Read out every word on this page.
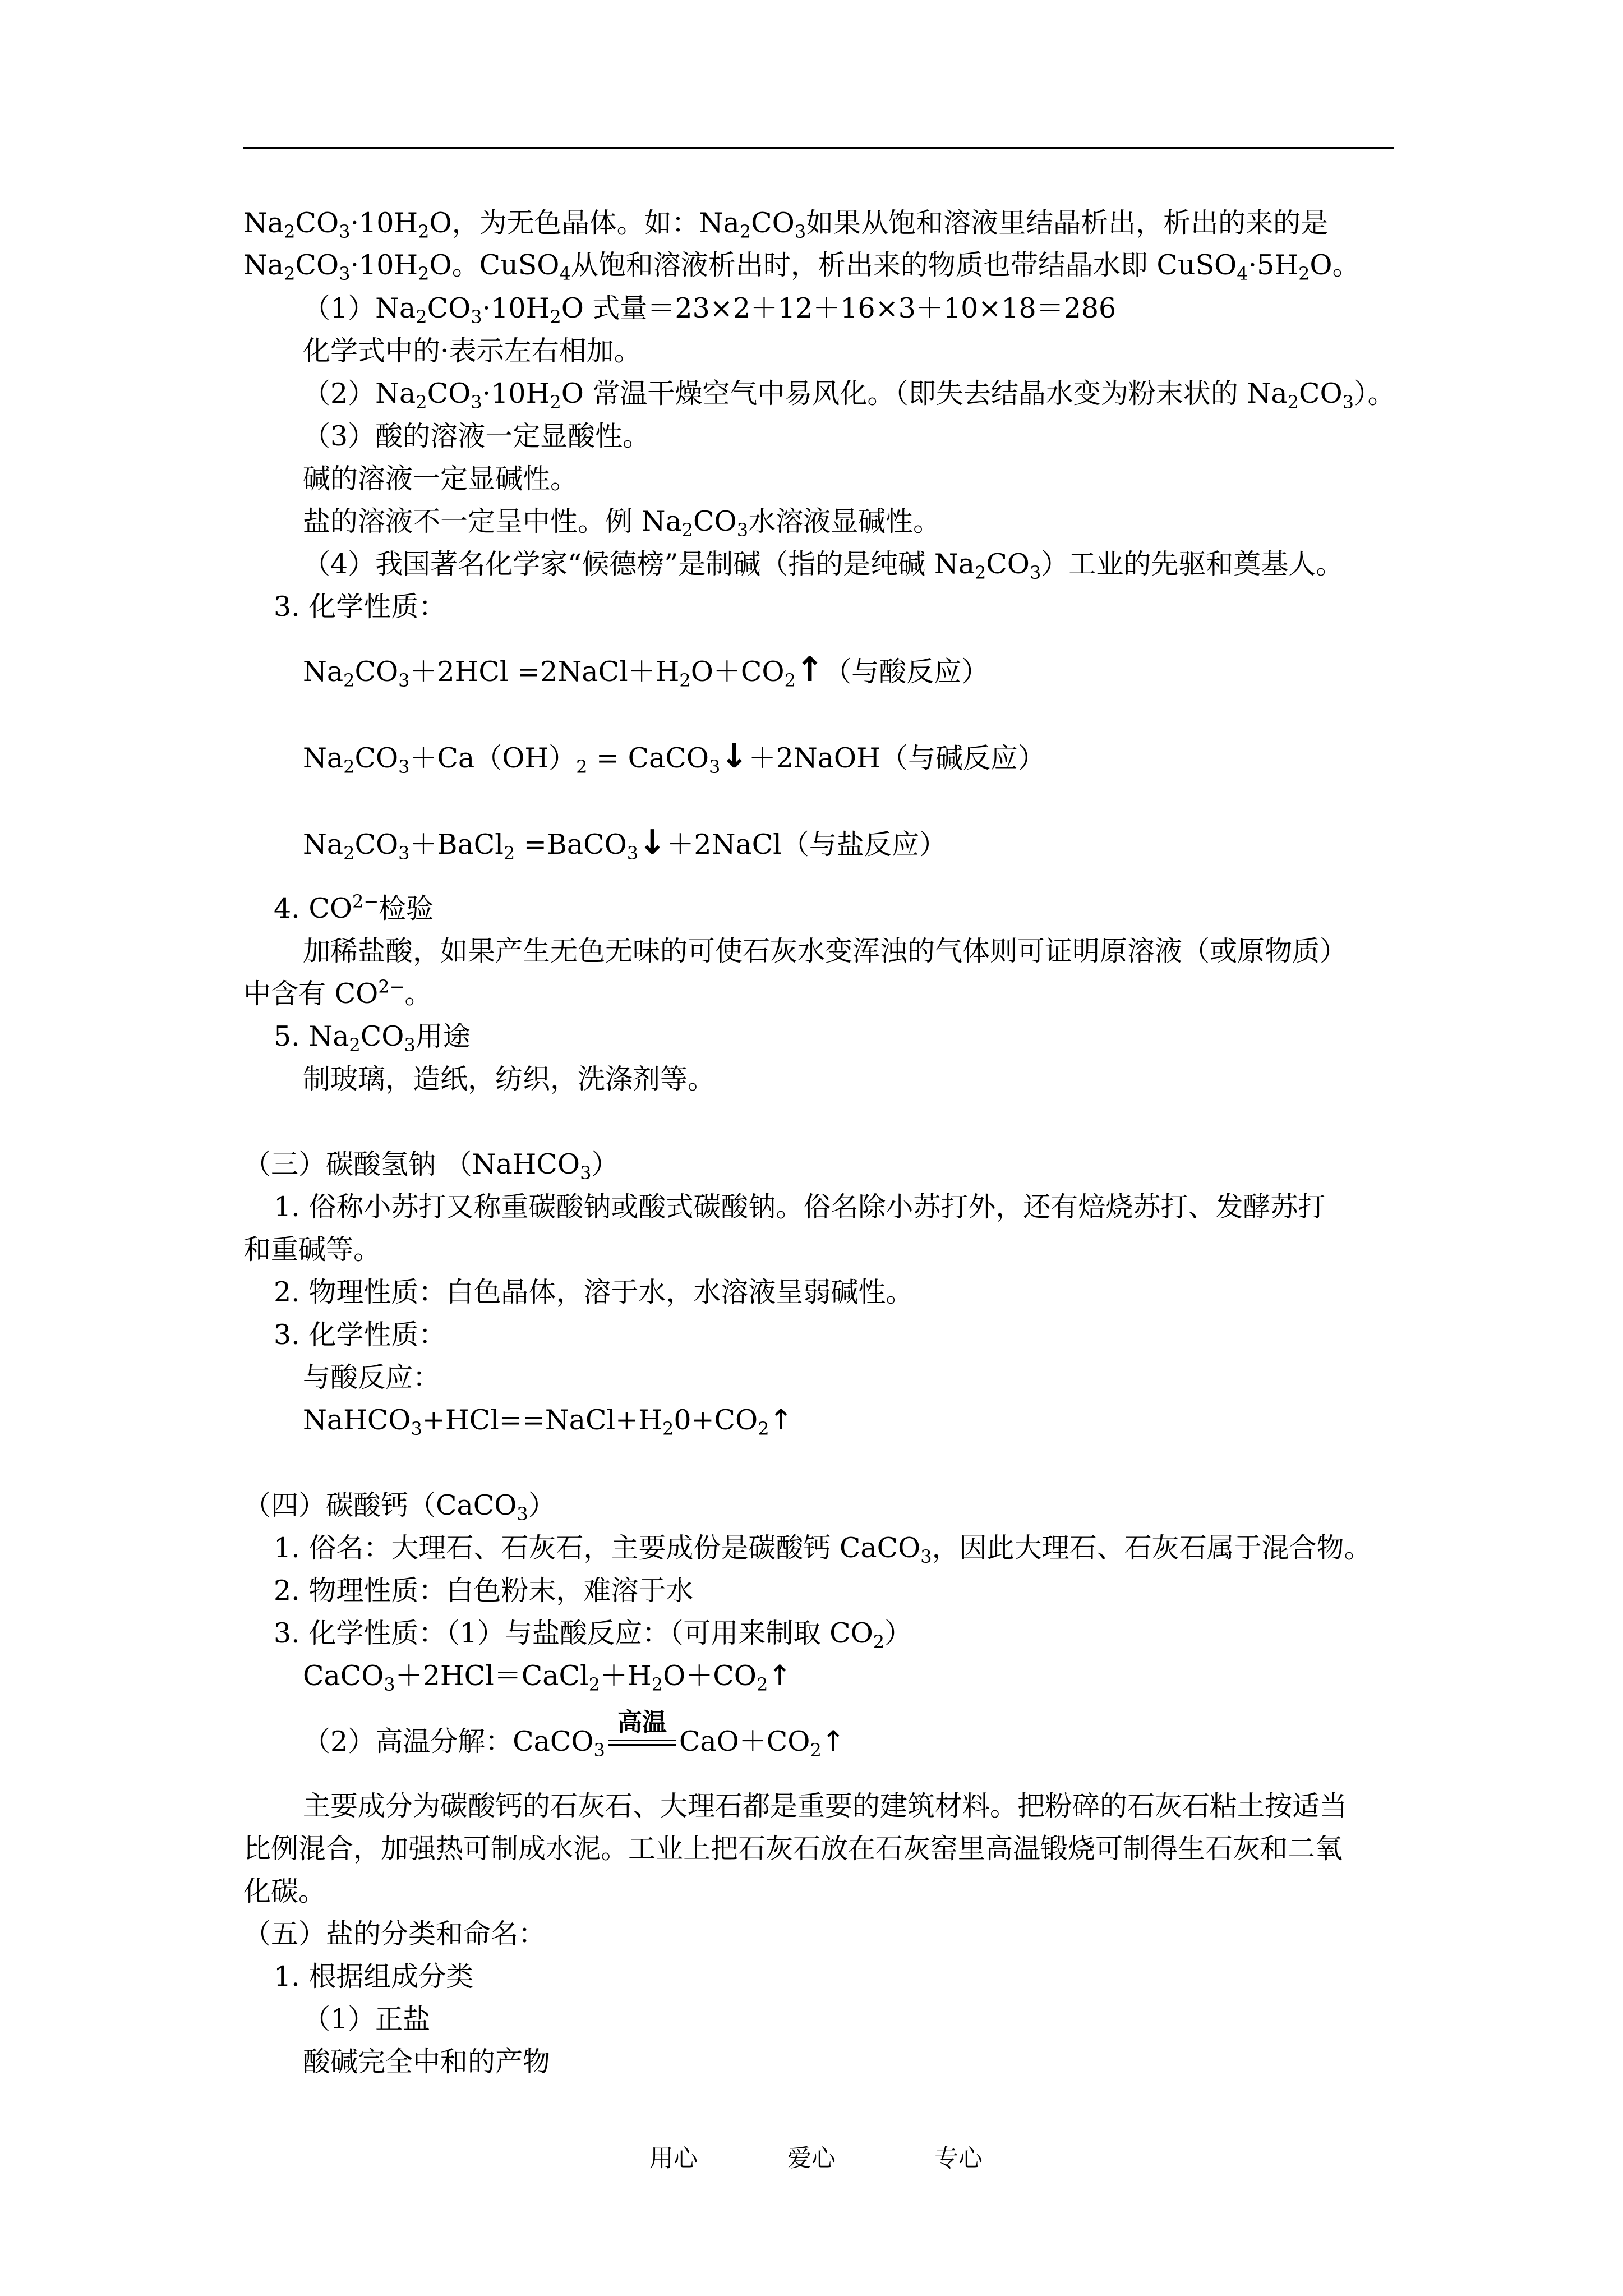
$Na_2CO_3\cdot 10H_2O$，为无色晶体。如：$Na_2CO_3$如果从饱和溶液里结晶析出，析出的来的是
$Na_2CO_3\cdot 10H_2O$。CuSO$_4$从饱和溶液析出时，析出来的物质也带结晶水即 $CuSO_4\cdot 5H_2O$。
$(1)Na_2CO_3\cdot 10H_2O$ 式量＝23×2＋12＋16×3＋10×18＝286
化学式中的·表示左右相加。
$(2)Na_2CO_3\cdot 10H_2O$ 常温干燥空气中易风化。（即失去结晶水变为粉末状的 $Na_2CO_3$）。
（3）酸的溶液一定显酸性。
碱的溶液一定显碱性。
盐的溶液不一定呈中性。例 $Na_2CO_3$水溶液显碱性。
（4）我国著名化学家“候德榜”是制碱（指的是纯碱 $Na_2CO_3$）工业的先驱和奠基人。
3. 化学性质：
$Na_2CO_3+2HCl$ $=2NaCl+H_2O+CO_2↑$（与酸反应）
$Na_2CO_3+Ca(OH)_2$ = CaCO$_3$↓＋2NaOH（与碱反应）
$Na_2CO_3+BaCl_2$ =BaCO$_3$↓＋2NaCl（与盐反应）
4. $CO^{2-}$检验
加稀盐酸，如果产生无色无味的可使石灰水变浑浊的气体则可证明原溶液（或原物质）
中含有 $CO^{2-}$。
5. $Na_2CO_3$用途
制玻璃，造纸，纺织，洗涤剂等。
（三）碳酸氢钠 （NaHCO$_3$）
1. 俗称小苏打又称重碳酸钠或酸式碳酸钠。俗名除小苏打外，还有焙烧苏打、发酵苏打
和重碱等。
2. 物理性质：白色晶体，溶于水，水溶液呈弱碱性。
3. 化学性质：
与酸反应：
$NaHCO_3+HCl==NaCl+H_20+CO_2↑$
（四）碳酸钙（CaCO$_3$）
1. 俗名：大理石、石灰石，主要成份是碳酸钙 CaCO$_3$，因此大理石、石灰石属于混合物。
2. 物理性质：白色粉末，难溶于水
3. 化学性质：（1）与盐酸反应：（可用来制取 $CO_2$）
$CaCO_3+2HCl=CaCl_2+H_2O+CO_2↑$
（2）高温分解：CaCO$_3$
高温
$CaO+CO_2↑$
主要成分为碳酸钙的石灰石、大理石都是重要的建筑材料。把粉碎的石灰石粘土按适当
比例混合，加强热可制成水泥。工业上把石灰石放在石灰窑里高温锻烧可制得生石灰和二氧
化碳。
（五）盐的分类和命名：
1. 根据组成分类
（1）正盐
酸碱完全中和的产物
用心	爱心	专心
